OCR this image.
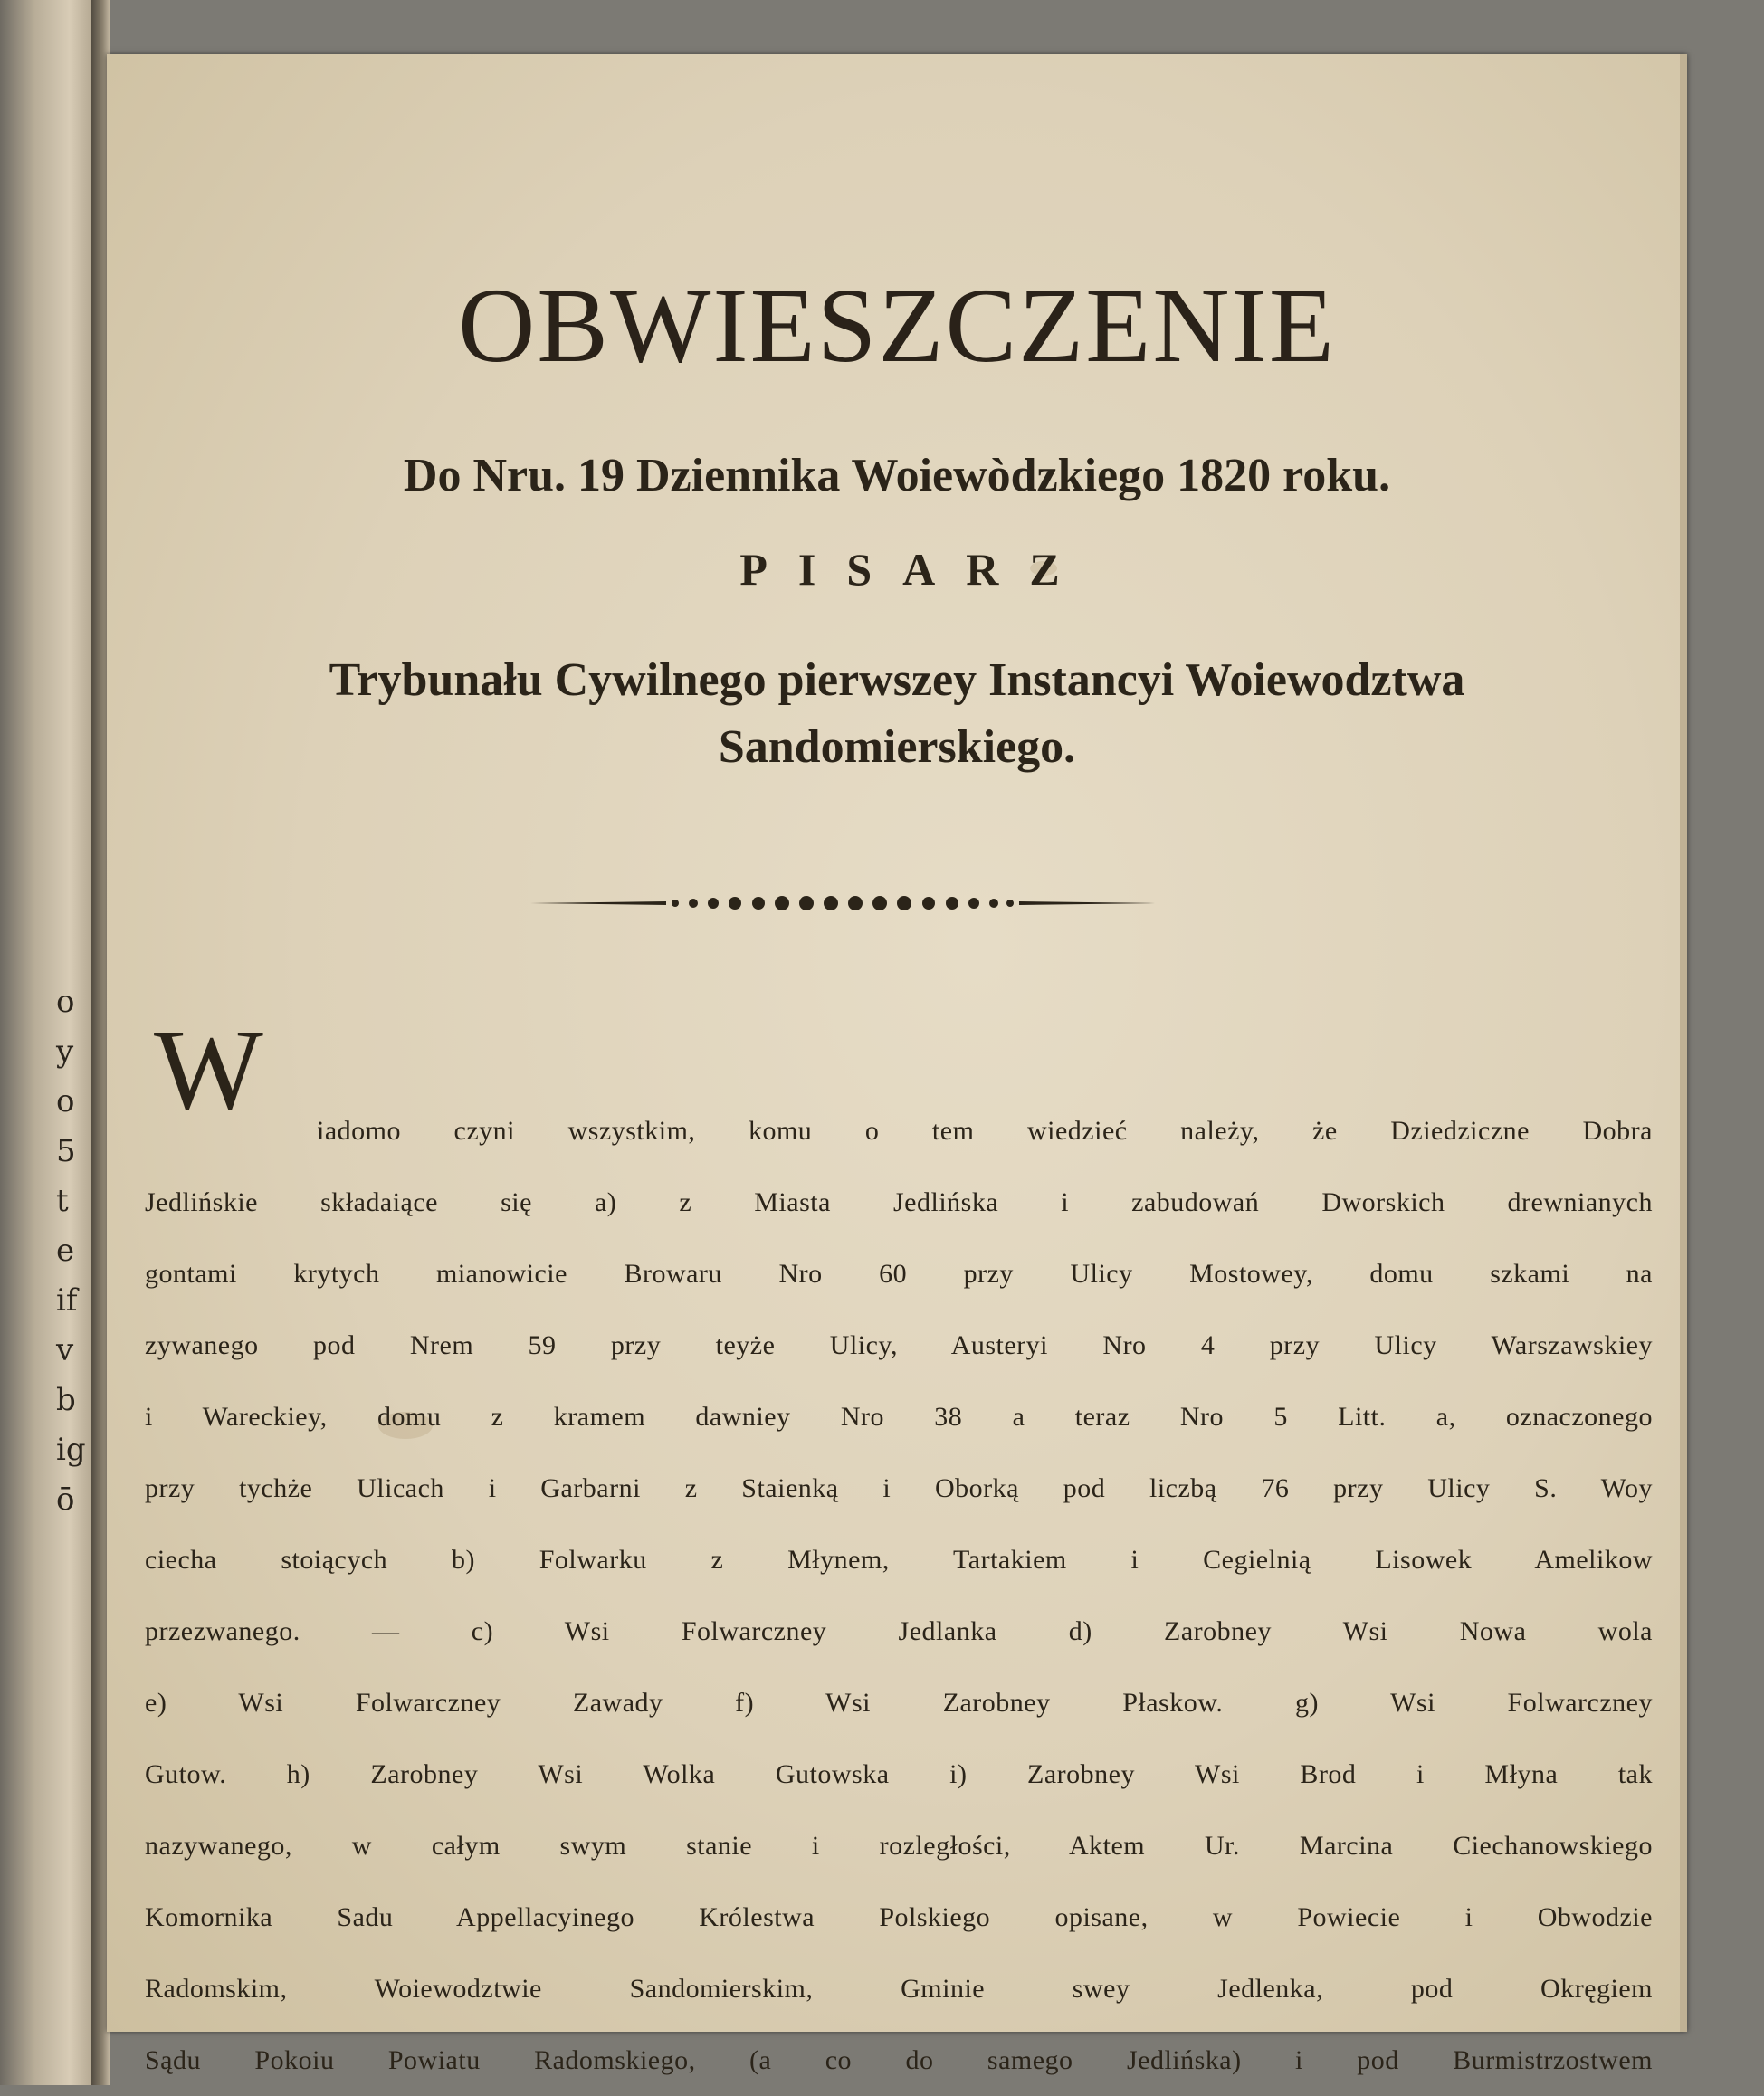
o
y
o
5
t
e
if
v
b
ig
ō
OBWIESZCZENIE
Do Nru. 19 Dziennika Woiewòdzkiego 1820 roku.
PISARZ
Trybunału Cywilnego pierwszey Instancyi Woiewodztwa
Sandomierskiego.
W	iadomo czyni wszystkim, komu o tem wiedzieć należy, że Dziedziczne Dobra
Jedlińskie składaiące się a) z Miasta Jedlińska i zabudowań Dworskich drewnianych
gontami krytych mianowicie Browaru Nro 60 przy Ulicy Mostowey, domu szkami na
zywanego pod Nrem 59 przy teyże Ulicy, Austeryi Nro 4 przy Ulicy Warszawskiey
i Wareckiey, domu z kramem dawniey Nro 38 a teraz Nro 5 Litt. a, oznaczonego
przy tychże Ulicach i Garbarni z Staienką i Oborką pod liczbą 76 przy Ulicy S. Woy
ciecha stoiących b) Folwarku z Młynem, Tartakiem i Cegielnią Lisowek Amelikow
przezwanego. — c) Wsi Folwarczney Jedlanka d) Zarobney Wsi Nowa wola
e) Wsi Folwarczney Zawady f) Wsi Zarobney Płaskow. g) Wsi Folwarczney
Gutow. h) Zarobney Wsi Wolka Gutowska i) Zarobney Wsi Brod i Młyna tak
nazywanego, w całym swym stanie i rozległości, Aktem Ur. Marcina Ciechanowskiego
Komornika Sadu Appellacyinego Królestwa Polskiego opisane, w Powiecie i Obwodzie
Radomskim, Woiewodztwie Sandomierskim, Gminie swey Jedlenka, pod Okręgiem
Sądu Pokoiu Powiatu Radomskiego, (a co do samego Jedlińska) i pod Burmistrzostwem
